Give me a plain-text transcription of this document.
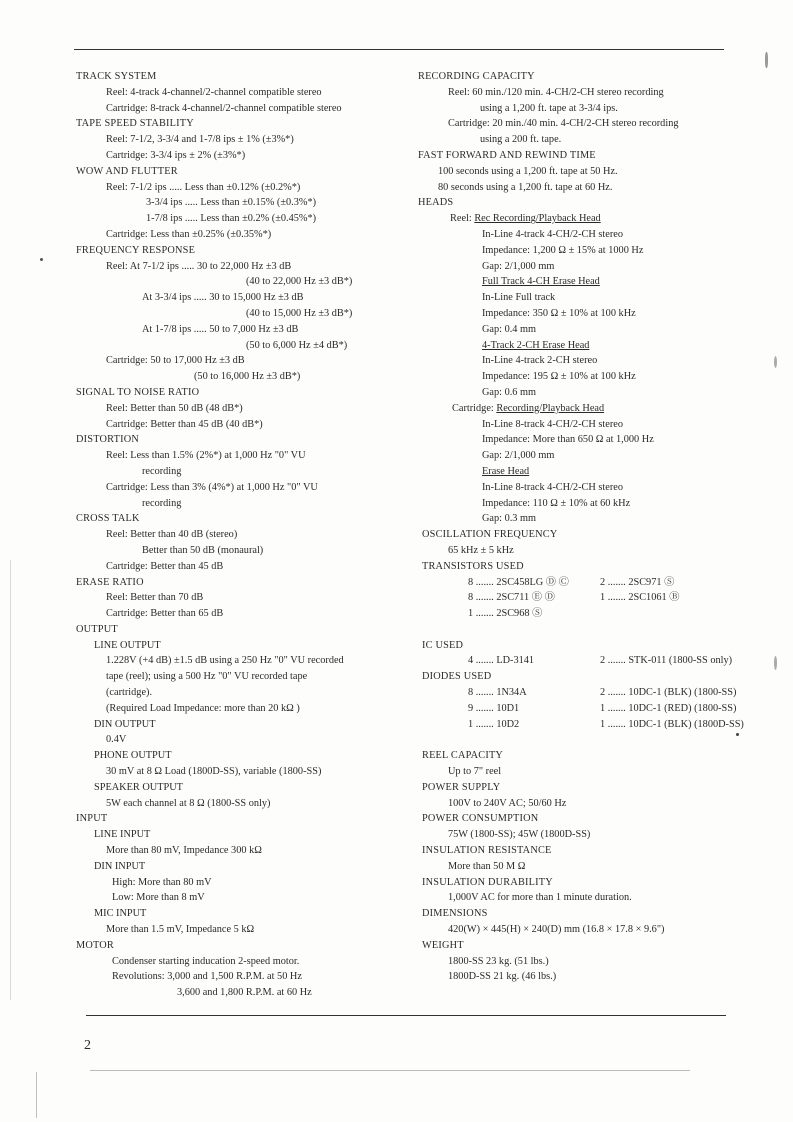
TRACK SYSTEM
Reel: 4-track 4-channel/2-channel compatible stereo
Cartridge: 8-track 4-channel/2-channel compatible stereo
TAPE SPEED STABILITY
Reel: 7-1/2, 3-3/4 and 1-7/8 ips ± 1% (±3%*)
Cartridge: 3-3/4 ips ± 2% (±3%*)
WOW AND FLUTTER
Reel: 7-1/2 ips ..... Less than ±0.12% (±0.2%*)
3-3/4 ips ..... Less than ±0.15% (±0.3%*)
1-7/8 ips ..... Less than ±0.2% (±0.45%*)
Cartridge: Less than ±0.25% (±0.35%*)
FREQUENCY RESPONSE
Reel: At 7-1/2 ips ..... 30 to 22,000 Hz ±3 dB
(40 to 22,000 Hz ±3 dB*)
At 3-3/4 ips ..... 30 to 15,000 Hz ±3 dB
(40 to 15,000 Hz ±3 dB*)
At 1-7/8 ips ..... 50 to 7,000 Hz ±3 dB
(50 to 6,000 Hz ±4 dB*)
Cartridge: 50 to 17,000 Hz ±3 dB
(50 to 16,000 Hz ±3 dB*)
SIGNAL TO NOISE RATIO
Reel: Better than 50 dB (48 dB*)
Cartridge: Better than 45 dB (40 dB*)
DISTORTION
Reel: Less than 1.5% (2%*) at 1,000 Hz "0" VU
recording
Cartridge: Less than 3% (4%*) at 1,000 Hz "0" VU
recording
CROSS TALK
Reel: Better than 40 dB (stereo)
Better than 50 dB (monaural)
Cartridge: Better than 45 dB
ERASE RATIO
Reel: Better than 70 dB
Cartridge: Better than 65 dB
OUTPUT
LINE OUTPUT
1.228V (+4 dB) ±1.5 dB using a 250 Hz "0" VU recorded
tape (reel); using a 500 Hz "0" VU recorded tape
(cartridge).
(Required Load Impedance: more than 20 kΩ )
DIN OUTPUT
0.4V
PHONE OUTPUT
30 mV at 8 Ω Load (1800D-SS), variable (1800-SS)
SPEAKER OUTPUT
5W each channel at 8 Ω (1800-SS only)
INPUT
LINE INPUT
More than 80 mV, Impedance 300 kΩ
DIN INPUT
High: More than 80 mV
Low: More than 8 mV
MIC INPUT
More than 1.5 mV, Impedance 5 kΩ
MOTOR
Condenser starting inducation 2-speed motor.
Revolutions: 3,000 and 1,500 R.P.M. at 50 Hz
3,600 and 1,800 R.P.M. at 60 Hz
RECORDING CAPACITY
Reel: 60 min./120 min. 4-CH/2-CH stereo recording
using a 1,200 ft. tape at 3-3/4 ips.
Cartridge: 20 min./40 min. 4-CH/2-CH stereo recording
using a 200 ft. tape.
FAST FORWARD AND REWIND TIME
100 seconds using a 1,200 ft. tape at 50 Hz.
80 seconds using a 1,200 ft. tape at 60 Hz.
HEADS
Reel: Rec Recording/Playback Head
In-Line 4-track 4-CH/2-CH stereo
Impedance: 1,200 Ω ± 15% at 1000 Hz
Gap: 2/1,000 mm
Full Track 4-CH Erase Head
In-Line Full track
Impedance: 350 Ω ± 10% at 100 kHz
Gap: 0.4 mm
4-Track 2-CH Erase Head
In-Line 4-track 2-CH stereo
Impedance: 195 Ω ± 10% at 100 kHz
Gap: 0.6 mm
Cartridge: Recording/Playback Head
In-Line 8-track 4-CH/2-CH stereo
Impedance: More than 650 Ω at 1,000 Hz
Gap: 2/1,000 mm
Erase Head
In-Line 8-track 4-CH/2-CH stereo
Impedance: 110 Ω ± 10% at 60 kHz
Gap: 0.3 mm
OSCILLATION FREQUENCY
65 kHz ± 5 kHz
TRANSISTORS USED
8 ....... 2SC458LG Ⓓ Ⓒ	2 ....... 2SC971 Ⓢ
8 ....... 2SC711 Ⓔ Ⓓ	1 ....... 2SC1061 Ⓑ
1 ....... 2SC968 Ⓢ

IC USED
4 ....... LD-3141	2 ....... STK-011 (1800-SS only)
DIODES USED
8 ....... 1N34A	2 ....... 10DC-1 (BLK) (1800-SS)
9 ....... 10D1	1 ....... 10DC-1 (RED) (1800-SS)
1 ....... 10D2	1 ....... 10DC-1 (BLK) (1800D-SS)

REEL CAPACITY
Up to 7" reel
POWER SUPPLY
100V to 240V AC; 50/60 Hz
POWER CONSUMPTION
75W (1800-SS); 45W (1800D-SS)
INSULATION RESISTANCE
More than 50 M Ω
INSULATION DURABILITY
1,000V AC for more than 1 minute duration.
DIMENSIONS
420(W) × 445(H) × 240(D) mm (16.8 × 17.8 × 9.6")
WEIGHT
1800-SS 23 kg. (51 lbs.)
1800D-SS 21 kg. (46 lbs.)
2
